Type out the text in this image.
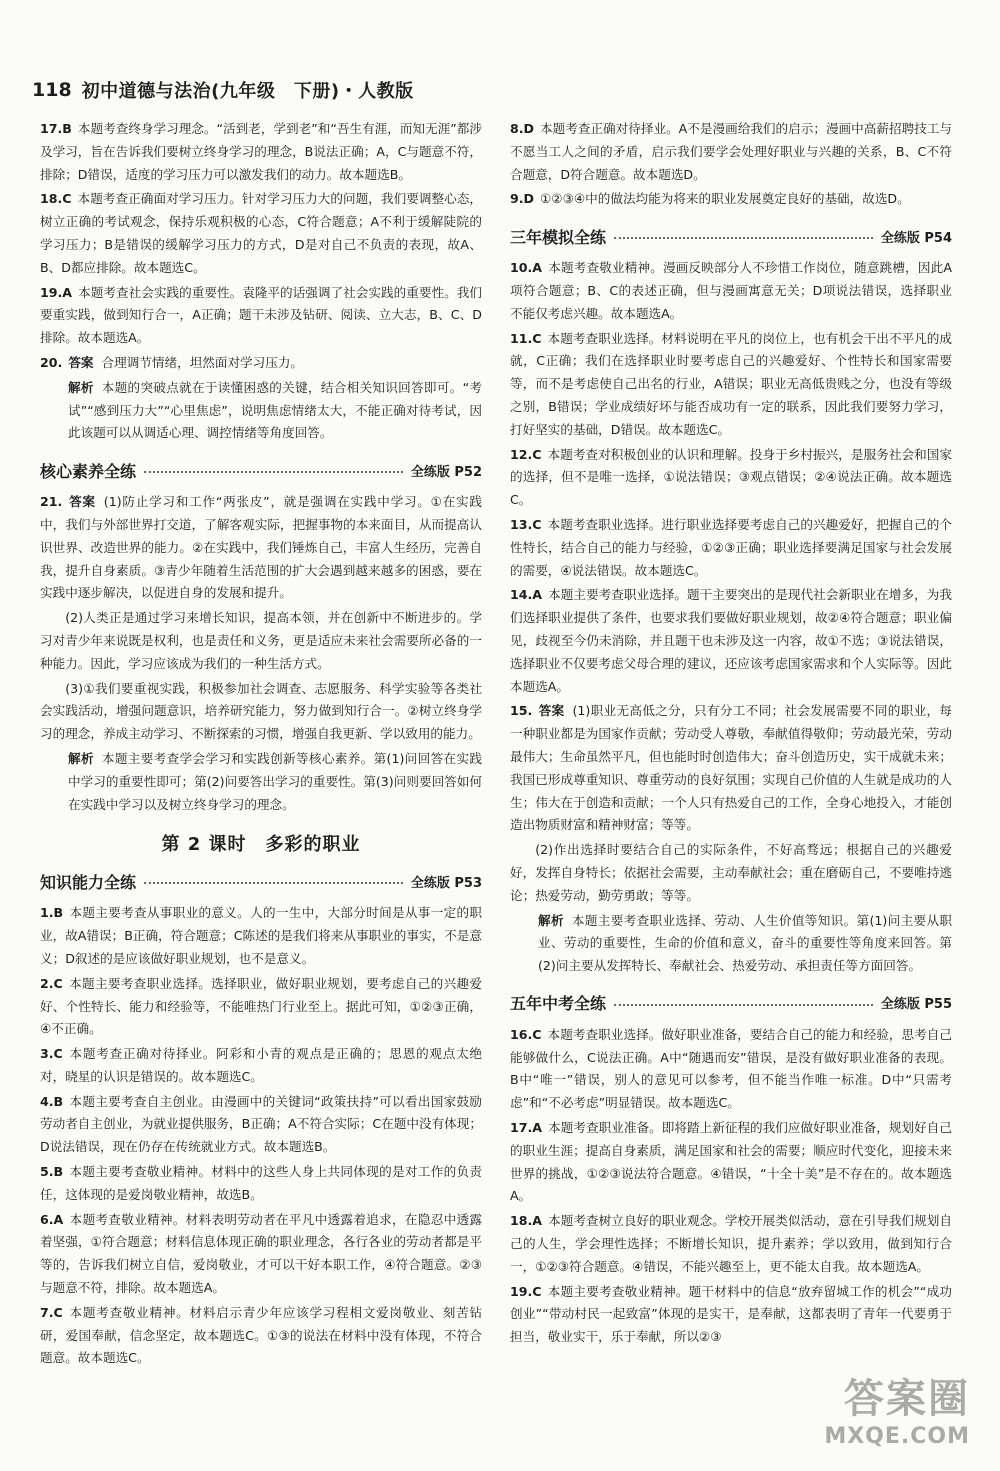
118 初中道德与法治(九年级　下册)・人教版

17.B 本题考查终身学习理念。“活到老，学到老”和“吾生有涯，而知无涯”都涉及学习，旨在告诉我们要树立终身学习的理念，B说法正确；A，C与题意不符，排除；D错误，适度的学习压力可以激发我们的动力。故本题选B。

18.C 本题考查正确面对学习压力。针对学习压力大的问题，我们要调整心态，树立正确的考试观念，保持乐观积极的心态，C符合题意；A不利于缓解陡院的学习压力；B是错误的缓解学习压力的方式，D是对自己不负责的表现，故A、B、D都应排除。故本题选C。

19.A 本题考查社会实践的重要性。袁隆平的话强调了社会实践的重要性。我们要重实践，做到知行合一，A正确；题干未涉及钻研、阅读、立大志，B、C、D排除。故本题选A。

20. 答案 合理调节情绪，坦然面对学习压力。

解析 本题的突破点就在于读懂困惑的关键，结合相关知识回答即可。“考试”“感到压力大”“心里焦虑”，说明焦虑情绪太大，不能正确对待考试，因此该题可以从调适心理、调控情绪等角度回答。

核心素养全练	全练版 P52

21. 答案 (1)防止学习和工作“两张皮”，就是强调在实践中学习。①在实践中，我们与外部世界打交道，了解客观实际，把握事物的本来面目，从而提高认识世界、改造世界的能力。②在实践中，我们锤炼自己，丰富人生经历，完善自我，提升自身素质。③青少年随着生活范围的扩大会遇到越来越多的困惑，要在实践中逐步解决，以促进自身的发展和提升。

(2)人类正是通过学习来增长知识，提高本领，并在创新中不断进步的。学习对青少年来说既是权利，也是责任和义务，更是适应未来社会需要所必备的一种能力。因此，学习应该成为我们的一种生活方式。

(3)①我们要重视实践，积极参加社会调查、志愿服务、科学实验等各类社会实践活动，增强问题意识，培养研究能力，努力做到知行合一。②树立终身学习的理念，养成主动学习、不断探索的习惯，增强自我更新、学以致用的能力。

解析 本题主要考查学会学习和实践创新等核心素养。第(1)问回答在实践中学习的重要性即可；第(2)问要答出学习的重要性。第(3)问则要回答如何在实践中学习以及树立终身学习的理念。

第 2 课时　多彩的职业
知识能力全练	全练版 P53

1.B 本题主要考查从事职业的意义。人的一生中，大部分时间是从事一定的职业，故A错误；B正确，符合题意；C陈述的是我们将来从事职业的事实，不是意义；D叙述的是应该做好职业规划，也不是意义。

2.C 本题主要考查职业选择。选择职业，做好职业规划，要考虑自己的兴趣爱好、个性特长、能力和经验等，不能唯热门行业至上。据此可知，①②③正确，④不正确。

3.C 本题考查正确对待择业。阿彩和小青的观点是正确的；思恩的观点太绝对，晓星的认识是错误的。故本题选C。

4.B 本题主要考查自主创业。由漫画中的关键词“政策扶持”可以看出国家鼓励劳动者自主创业，为就业提供服务，B正确；A不符合实际；C在题中没有体现；D说法错误，现在仍存在传统就业方式。故本题选B。

5.B 本题主要考查敬业精神。材料中的这些人身上共同体现的是对工作的负责任，这体现的是爱岗敬业精神，故选B。

6.A 本题考查敬业精神。材料表明劳动者在平凡中透露着追求，在隐忍中透露着坚强，①符合题意；材料信息体现正确的职业理念，各行各业的劳动者都是平等的，告诉我们树立自信，爱岗敬业，才可以干好本职工作，④符合题意。②③与题意不符，排除。故本题选A。

7.C 本题考查敬业精神。材料启示青少年应该学习程相文爱岗敬业、刻苦钻研，爱国奉献，信念坚定，故本题选C。①③的说法在材料中没有体现，不符合题意。故本题选C。

8.D 本题考查正确对待择业。A不是漫画给我们的启示；漫画中高薪招聘技工与不愿当工人之间的矛盾，启示我们要学会处理好职业与兴趣的关系，B、C不符合题意，D符合题意。故本题选D。

9.D ①②③④中的做法均能为将来的职业发展奠定良好的基础，故选D。

三年模拟全练	全练版 P54

10.A 本题考查敬业精神。漫画反映部分人不珍惜工作岗位，随意跳槽，因此A项符合题意；B、C的表述正确，但与漫画寓意无关；D项说法错误，选择职业不能仅考虑兴趣。故本题选A。

11.C 本题考查职业选择。材料说明在平凡的岗位上，也有机会干出不平凡的成就，C正确；我们在选择职业时要考虑自己的兴趣爱好、个性特长和国家需要等，而不是考虑使自己出名的行业，A错误；职业无高低贵贱之分，也没有等级之别，B错误；学业成绩好坏与能否成功有一定的联系，因此我们要努力学习，打好坚实的基础，D错误。故本题选C。

12.C 本题考查对积极创业的认识和理解。投身于乡村振兴，是服务社会和国家的选择，但不是唯一选择，①说法错误；③观点错误；②④说法正确。故本题选C。

13.C 本题考查职业选择。进行职业选择要考虑自己的兴趣爱好，把握自己的个性特长，结合自己的能力与经验，①②③正确；职业选择要满足国家与社会发展的需要，④说法错误。故本题选C。

14.A 本题主要考查职业选择。题干主要突出的是现代社会新职业在增多，为我们选择职业提供了条件，也要求我们要做好职业规划，故②④符合题意；职业偏见，歧视至今仍未消除，并且题干也未涉及这一内容，故①不选；③说法错误，选择职业不仅要考虑父母合理的建议，还应该考虑国家需求和个人实际等。因此本题选A。

15. 答案 (1)职业无高低之分，只有分工不同；社会发展需要不同的职业，每一种职业都是为国家作贡献；劳动受人尊敬，奉献值得敬仰；劳动最光荣，劳动最伟大；生命虽然平凡，但也能时时创造伟大；奋斗创造历史，实干成就未来；我国已形成尊重知识、尊重劳动的良好氛围；实现自己价值的人生就是成功的人生；伟大在于创造和贡献；一个人只有热爱自己的工作，全身心地投入，才能创造出物质财富和精神财富；等等。

(2)作出选择时要结合自己的实际条件，不好高骛远；根据自己的兴趣爱好，发挥自身特长；依据社会需要，主动奉献社会；重在磨砺自己，不要唯持逃论；热爱劳动，勤劳勇敢；等等。

解析 本题主要考查职业选择、劳动、人生价值等知识。第(1)问主要从职业、劳动的重要性，生命的价值和意义，奋斗的重要性等角度来回答。第(2)问主要从发挥特长、奉献社会、热爱劳动、承担责任等方面回答。

五年中考全练	全练版 P55

16.C 本题考查职业选择。做好职业准备，要结合自己的能力和经验，思考自己能够做什么，C说法正确。A中“随遇而安”错误，是没有做好职业准备的表现。B中“唯一”错误，别人的意见可以参考，但不能当作唯一标准。D中“只需考虑”和“不必考虑”明显错误。故本题选C。

17.A 本题考查职业准备。即将踏上新征程的我们应做好职业准备，规划好自己的职业生涯；提高自身素质，满足国家和社会的需要；顺应时代变化，迎接未来世界的挑战，①②③说法符合题意。④错误，“十全十美”是不存在的。故本题选A。

18.A 本题考查树立良好的职业观念。学校开展类似活动，意在引导我们规划自己的人生，学会理性选择；不断增长知识，提升素养；学以致用，做到知行合一，①②③符合题意。④错误，不能兴趣至上，更不能太自我。故本题选A。

19.C 本题主要考查敬业精神。题干材料中的信息“放弃留城工作的机会”“成功创业”“带动村民一起致富”体现的是实干，是奉献，这都表明了青年一代要勇于担当，敬业实干，乐于奉献，所以②③

答案圈
MXQE.COM
